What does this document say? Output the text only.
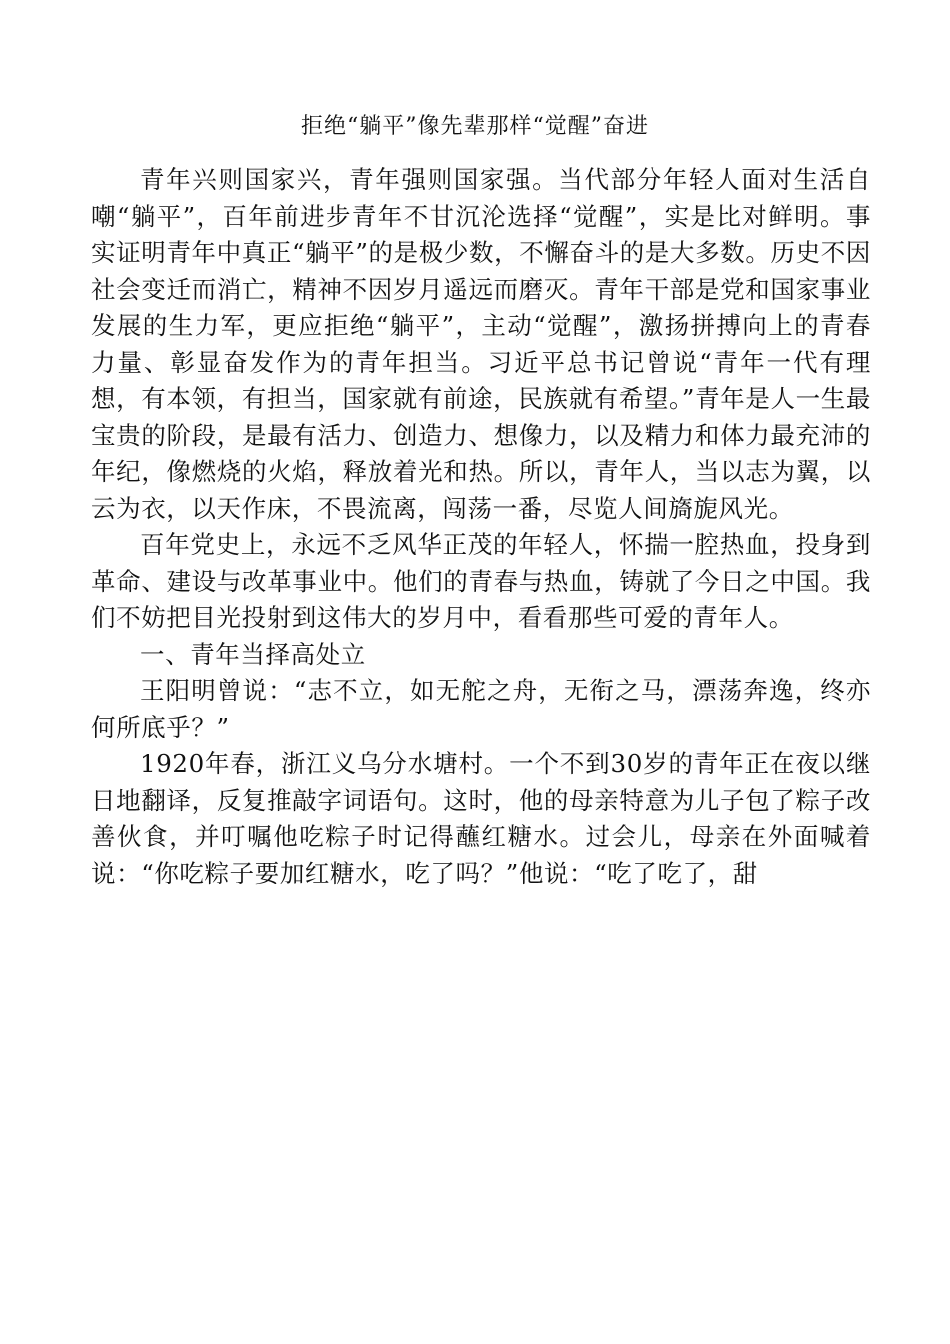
拒绝“躺平”像先辈那样“觉醒”奋进

青年兴则国家兴，青年强则国家强。当代部分年轻人面对生活自嘲“躺平”，百年前进步青年不甘沉沦选择“觉醒”，实是比对鲜明。事实证明青年中真正“躺平”的是极少数，不懈奋斗的是大多数。历史不因社会变迁而消亡，精神不因岁月遥远而磨灭。青年干部是党和国家事业发展的生力军，更应拒绝“躺平”，主动“觉醒”，激扬拼搏向上的青春力量、彰显奋发作为的青年担当。习近平总书记曾说“青年一代有理想，有本领，有担当，国家就有前途，民族就有希望。”青年是人一生最宝贵的阶段，是最有活力、创造力、想像力，以及精力和体力最充沛的年纪，像燃烧的火焰，释放着光和热。所以，青年人，当以志为翼，以云为衣，以天作床，不畏流离，闯荡一番，尽览人间旖旎风光。

百年党史上，永远不乏风华正茂的年轻人，怀揣一腔热血，投身到革命、建设与改革事业中。他们的青春与热血，铸就了今日之中国。我们不妨把目光投射到这伟大的岁月中，看看那些可爱的青年人。

一、青年当择高处立

王阳明曾说：“志不立，如无舵之舟，无衔之马，漂荡奔逸，终亦何所底乎？”

1920年春，浙江义乌分水塘村。一个不到30岁的青年正在夜以继日地翻译，反复推敲字词语句。这时，他的母亲特意为儿子包了粽子改善伙食，并叮嘱他吃粽子时记得蘸红糖水。过会儿，母亲在外面喊着说：“你吃粽子要加红糖水，吃了吗？”他说：“吃了吃了，甜
